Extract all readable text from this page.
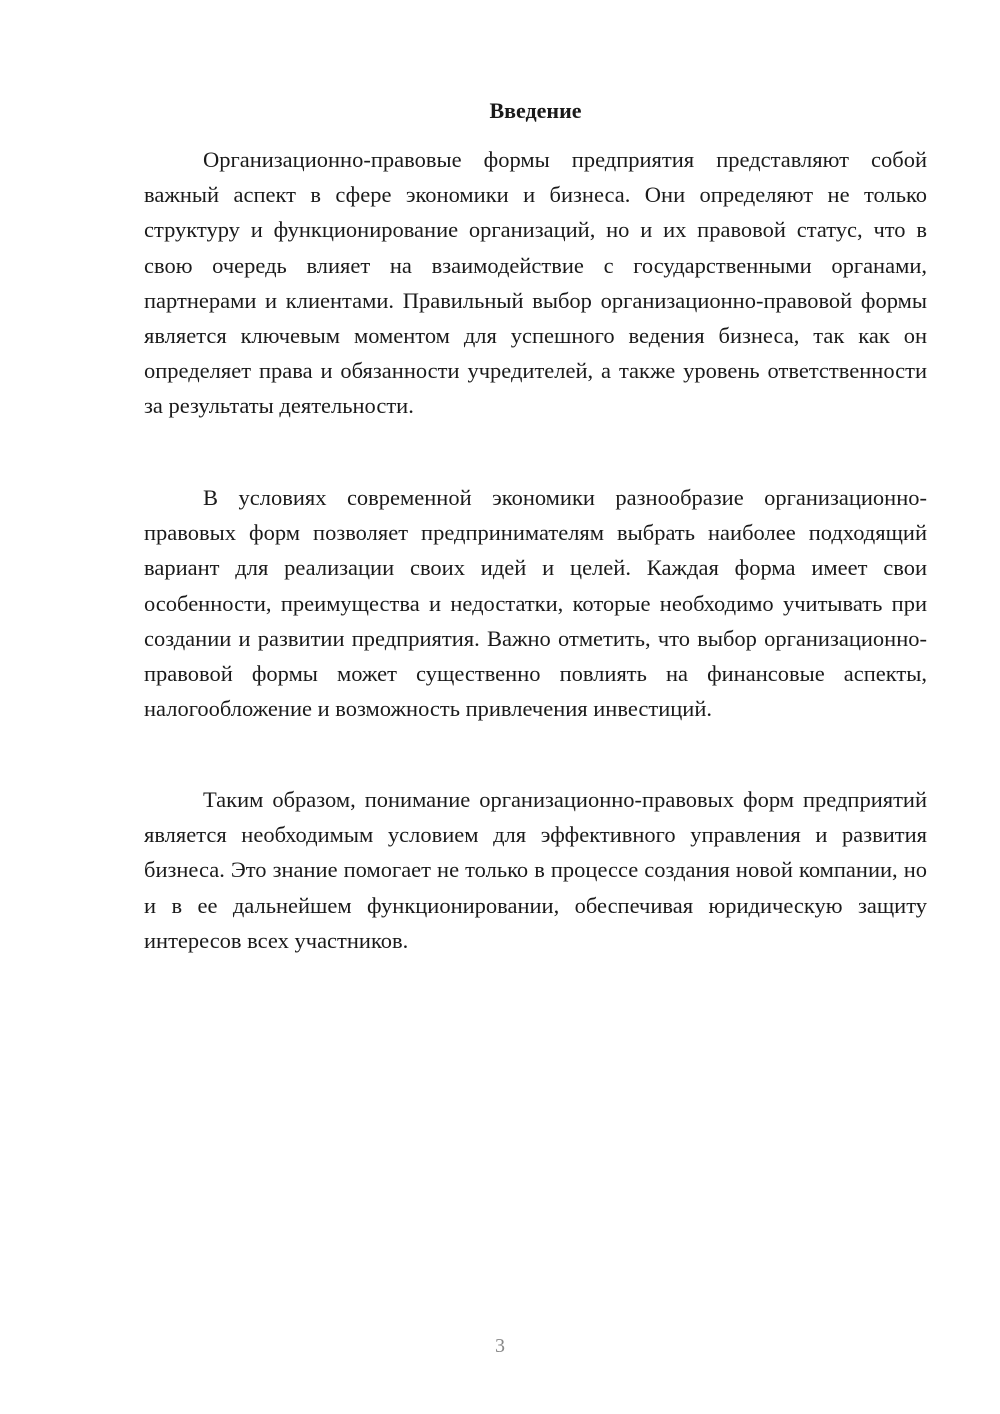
Введение

Организационно-правовые формы предприятия представляют собой важный аспект в сфере экономики и бизнеса. Они определяют не только структуру и функционирование организаций, но и их правовой статус, что в свою очередь влияет на взаимодействие с государственными органами, партнерами и клиентами. Правильный выбор организационно-правовой формы является ключевым моментом для успешного ведения бизнеса, так как он определяет права и обязанности учредителей, а также уровень ответственности за результаты деятельности.

В условиях современной экономики разнообразие организационно-правовых форм позволяет предпринимателям выбрать наиболее подходящий вариант для реализации своих идей и целей. Каждая форма имеет свои особенности, преимущества и недостатки, которые необходимо учитывать при создании и развитии предприятия. Важно отметить, что выбор организационно-правовой формы может существенно повлиять на финансовые аспекты, налогообложение и возможность привлечения инвестиций.

Таким образом, понимание организационно-правовых форм предприятий является необходимым условием для эффективного управления и развития бизнеса. Это знание помогает не только в процессе создания новой компании, но и в ее дальнейшем функционировании, обеспечивая юридическую защиту интересов всех участников.

3
